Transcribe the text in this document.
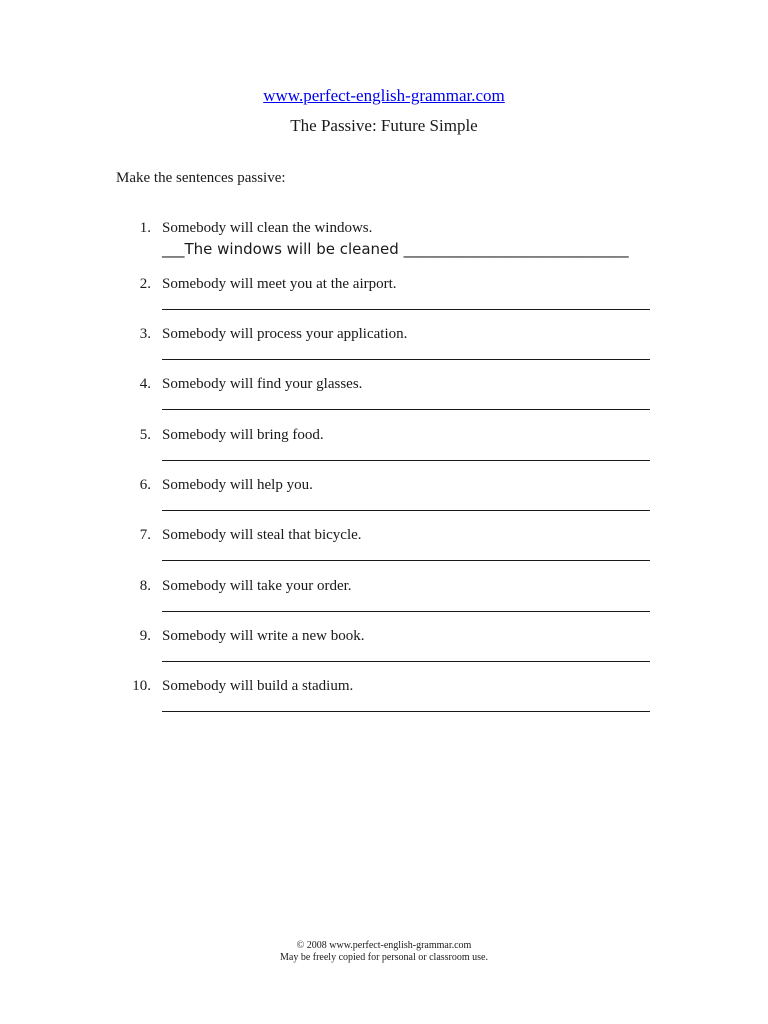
www.perfect-english-grammar.com
The Passive: Future Simple
Make the sentences passive:
1. Somebody will clean the windows.
___The windows will be cleaned ______________________________
2. Somebody will meet you at the airport.
3. Somebody will process your application.
4. Somebody will find your glasses.
5. Somebody will bring food.
6. Somebody will help you.
7. Somebody will steal that bicycle.
8. Somebody will take your order.
9. Somebody will write a new book.
10. Somebody will build a stadium.
© 2008 www.perfect-english-grammar.com
May be freely copied for personal or classroom use.
